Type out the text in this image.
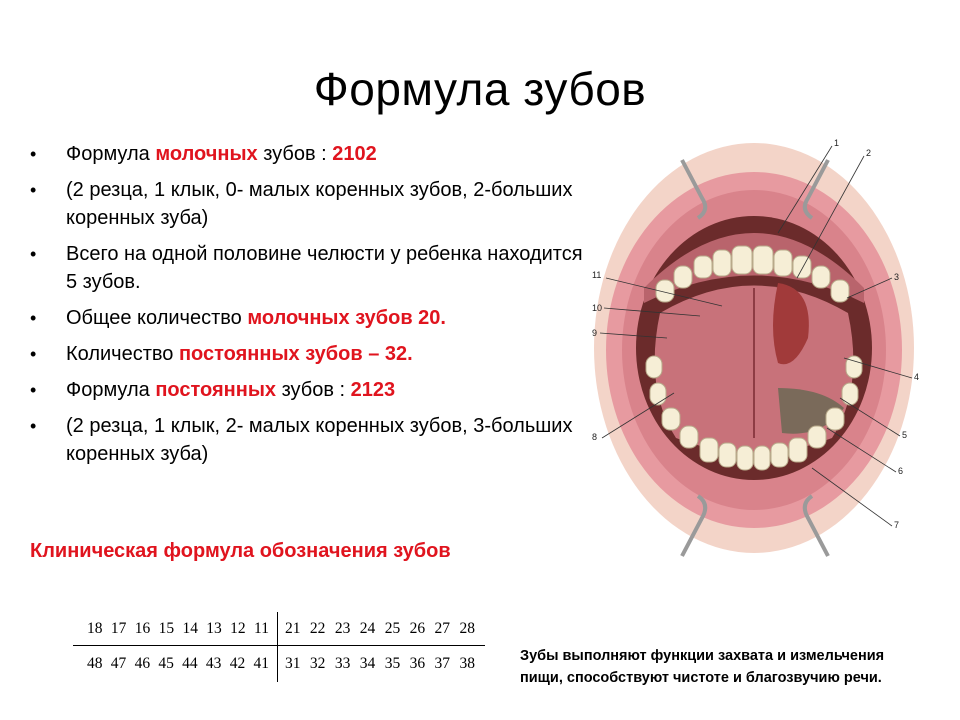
Формула зубов
• Формула молочных зубов : 2102
• (2 резца, 1 клык, 0- малых коренных зубов, 2-больших коренных зуба)
• Всего на одной половине челюсти у ребенка находится 5 зубов.
• Общее количество молочных зубов 20.
• Количество постоянных зубов – 32.
• Формула постоянных зубов : 2123
• (2 резца, 1 клык, 2- малых коренных зубов, 3-больших коренных зуба)

Клиническая формула обозначения зубов

18 17 16 15 14 13 12 11 21 22 23 24 25 26 27 28
48 47 46 45 44 43 42 41 31 32 33 34 35 36 37 38	Зубы выполняют функции захвата и измельчения пищи, способствуют чистоте и благозвучию речи.

1
2
3
4
5
6
7
8
9
10
11
